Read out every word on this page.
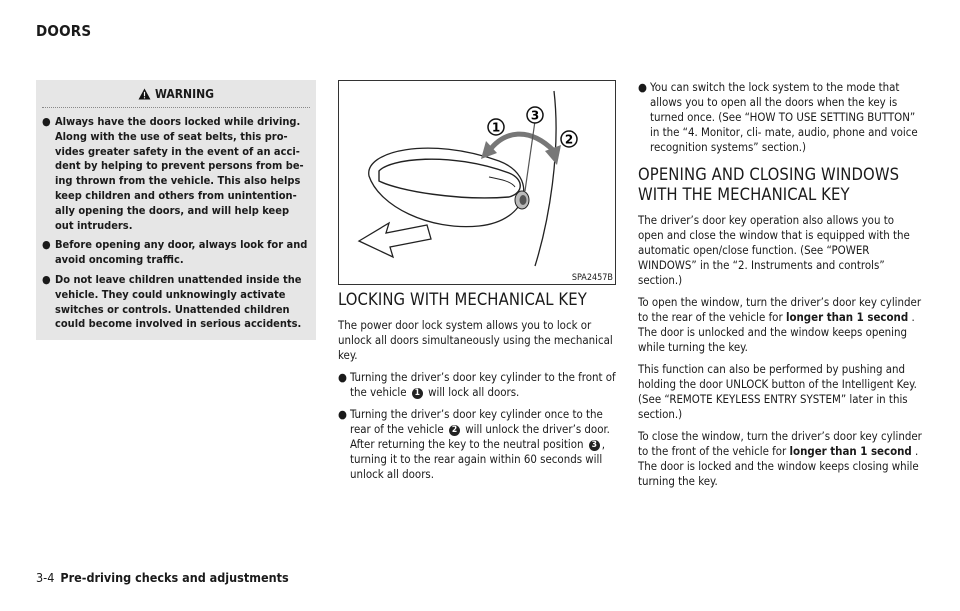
DOORS
WARNING
● Always have the doors locked while driving. Along with the use of seat belts, this pro- vides greater safety in the event of an acci- dent by helping to prevent persons from be- ing thrown from the vehicle. This also helps keep children and others from unintention- ally opening the doors, and will help keep out intruders.
● Before opening any door, always look for and avoid oncoming traffic.
● Do not leave children unattended inside the vehicle. They could unknowingly activate switches or controls. Unattended children could become involved in serious accidents.
1
3
2
SPA2457B
LOCKING WITH MECHANICAL KEY

The power door lock system allows you to lock or unlock all doors simultaneously using the mechanical key.

● Turning the driver’s door key cylinder to the front of the vehicle 1 will lock all doors.
● Turning the driver’s door key cylinder once to the rear of the vehicle 2 will unlock the driver’s door. After returning the key to the neutral position 3 , turning it to the rear again within 60 seconds will unlock all doors.
● You can switch the lock system to the mode that allows you to open all the doors when the key is turned once. (See “HOW TO USE SETTING BUTTON” in the “4. Monitor, cli- mate, audio, phone and voice recognition systems” section.)
OPENING AND CLOSING WINDOWS WITH THE MECHANICAL KEY

The driver’s door key operation also allows you to open and close the window that is equipped with the automatic open/close function. (See “POWER WINDOWS” in the “2. Instruments and controls” section.)

To open the window, turn the driver’s door key cylinder to the rear of the vehicle for longer than 1 second . The door is unlocked and the window keeps opening while turning the key.

This function can also be performed by pushing and holding the door UNLOCK button of the Intelligent Key. (See “REMOTE KEYLESS ENTRY SYSTEM” later in this section.)

To close the window, turn the driver’s door key cylinder to the front of the vehicle for longer than 1 second . The door is locked and the window keeps closing while turning the key.

3-4 Pre-driving checks and adjustments
